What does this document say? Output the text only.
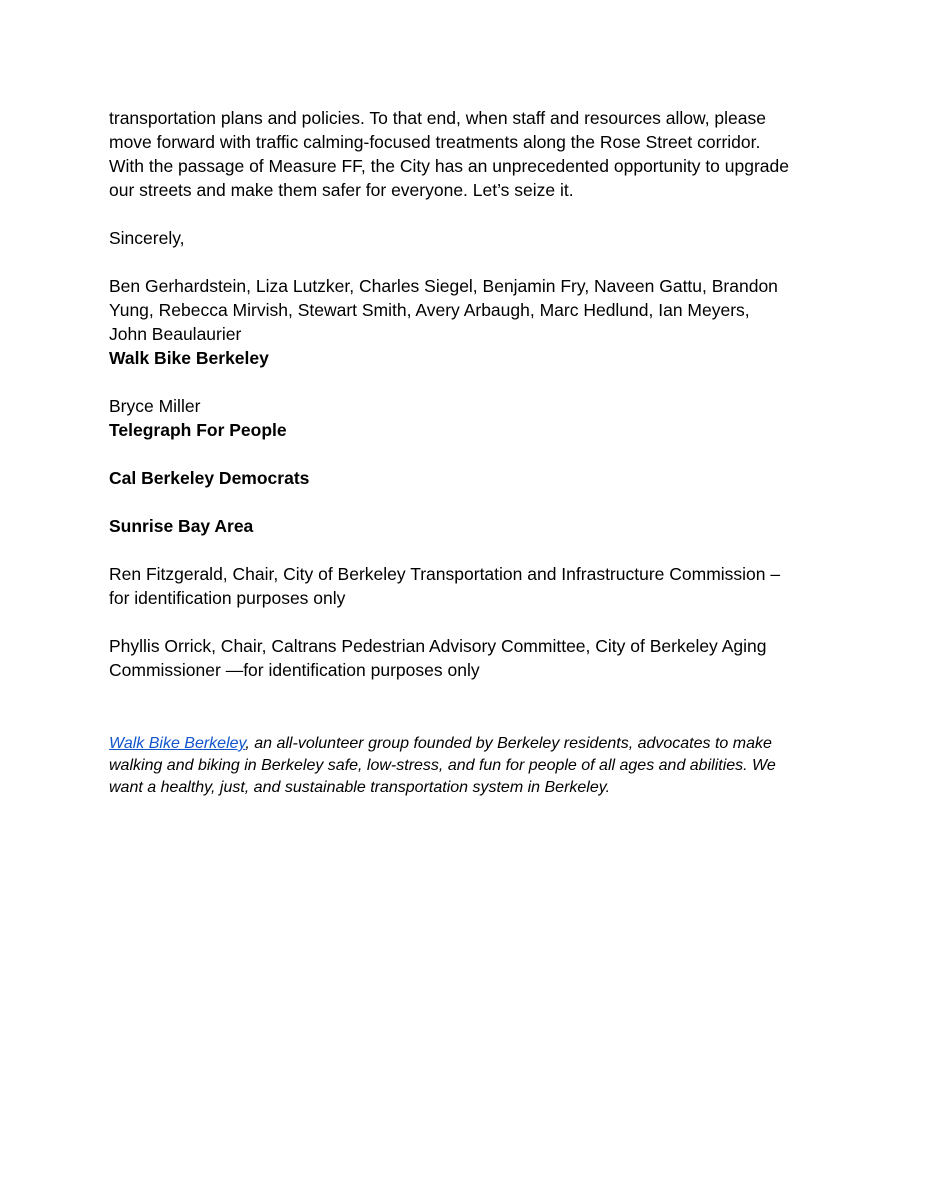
transportation plans and policies. To that end, when staff and resources allow, please
move forward with traffic calming-focused treatments along the Rose Street corridor.
With the passage of Measure FF, the City has an unprecedented opportunity to upgrade
our streets and make them safer for everyone. Let’s seize it.

Sincerely,

Ben Gerhardstein, Liza Lutzker, Charles Siegel, Benjamin Fry, Naveen Gattu, Brandon
Yung, Rebecca Mirvish, Stewart Smith, Avery Arbaugh, Marc Hedlund, Ian Meyers,
John Beaulaurier
Walk Bike Berkeley

Bryce Miller
Telegraph For People

Cal Berkeley Democrats

Sunrise Bay Area

Ren Fitzgerald, Chair, City of Berkeley Transportation and Infrastructure Commission –
for identification purposes only

Phyllis Orrick, Chair, Caltrans Pedestrian Advisory Committee, City of Berkeley Aging
Commissioner —for identification purposes only

Walk Bike Berkeley, an all-volunteer group founded by Berkeley residents, advocates to make
walking and biking in Berkeley safe, low-stress, and fun for people of all ages and abilities. We
want a healthy, just, and sustainable transportation system in Berkeley.
